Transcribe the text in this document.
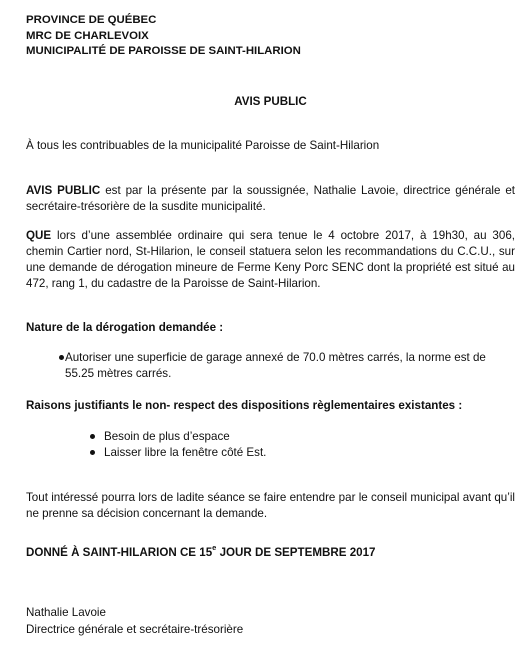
PROVINCE DE QUÉBEC
MRC DE CHARLEVOIX
MUNICIPALITÉ DE PAROISSE DE SAINT-HILARION
AVIS PUBLIC
À tous les contribuables de la municipalité Paroisse de Saint-Hilarion

AVIS PUBLIC est par la présente par la soussignée, Nathalie Lavoie, directrice générale et secrétaire-trésorière de la susdite municipalité.

QUE lors d’une assemblée ordinaire qui sera tenue le 4 octobre 2017, à 19h30, au 306, chemin Cartier nord, St-Hilarion, le conseil statuera selon les recommandations du C.C.U., sur une demande de dérogation mineure de Ferme Keny Porc SENC dont la propriété est situé au 472, rang 1, du cadastre de la Paroisse de Saint-Hilarion.

Nature de la dérogation demandée :
Autoriser une superficie de garage annexé de 70.0 mètres carrés, la norme est de 55.25 mètres carrés.
Raisons justifiants le non- respect des dispositions règlementaires existantes :
Besoin de plus d’espace
Laisser libre la fenêtre côté Est.

Tout intéressé pourra lors de ladite séance se faire entendre par le conseil municipal avant qu’il ne prenne sa décision concernant la demande.

DONNÉ À SAINT-HILARION CE 15e JOUR DE SEPTEMBRE 2017
Nathalie Lavoie
Directrice générale et secrétaire-trésorière
